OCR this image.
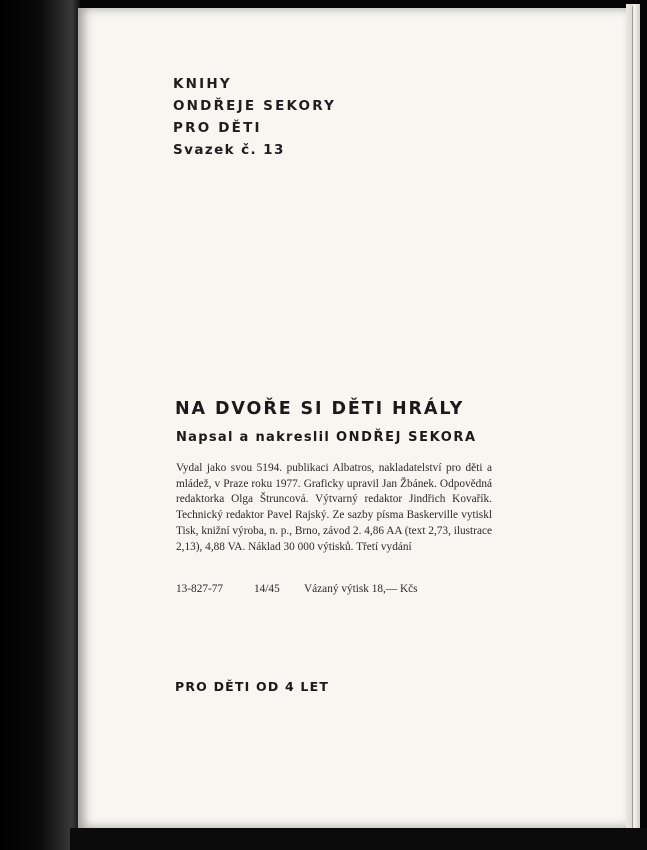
KNIHY
ONDŘEJE SEKORY
PRO DĚTI
Svazek č. 13
NA DVOŘE SI DĚTI HRÁLY
Napsal a nakreslil ONDŘEJ SEKORA
Vydal jako svou 5194. publikaci Albatros, nakladatelství pro děti a mládež, v Praze roku 1977. Graficky upravil Jan Žbánek. Odpovědná redaktorka Olga Štruncová. Výtvarný redaktor Jindřich Kovařík. Technický redaktor Pavel Rajský. Ze sazby písma Baskerville vytiskl Tisk, knižní výroba, n. p., Brno, závod 2. 4,86 AA (text 2,73, ilustrace 2,13), 4,88 VA. Náklad 30 000 výtisků. Třetí vydání
13-827-77	14/45 Vázaný výtisk 18,— Kčs
PRO DĚTI OD 4 LET
